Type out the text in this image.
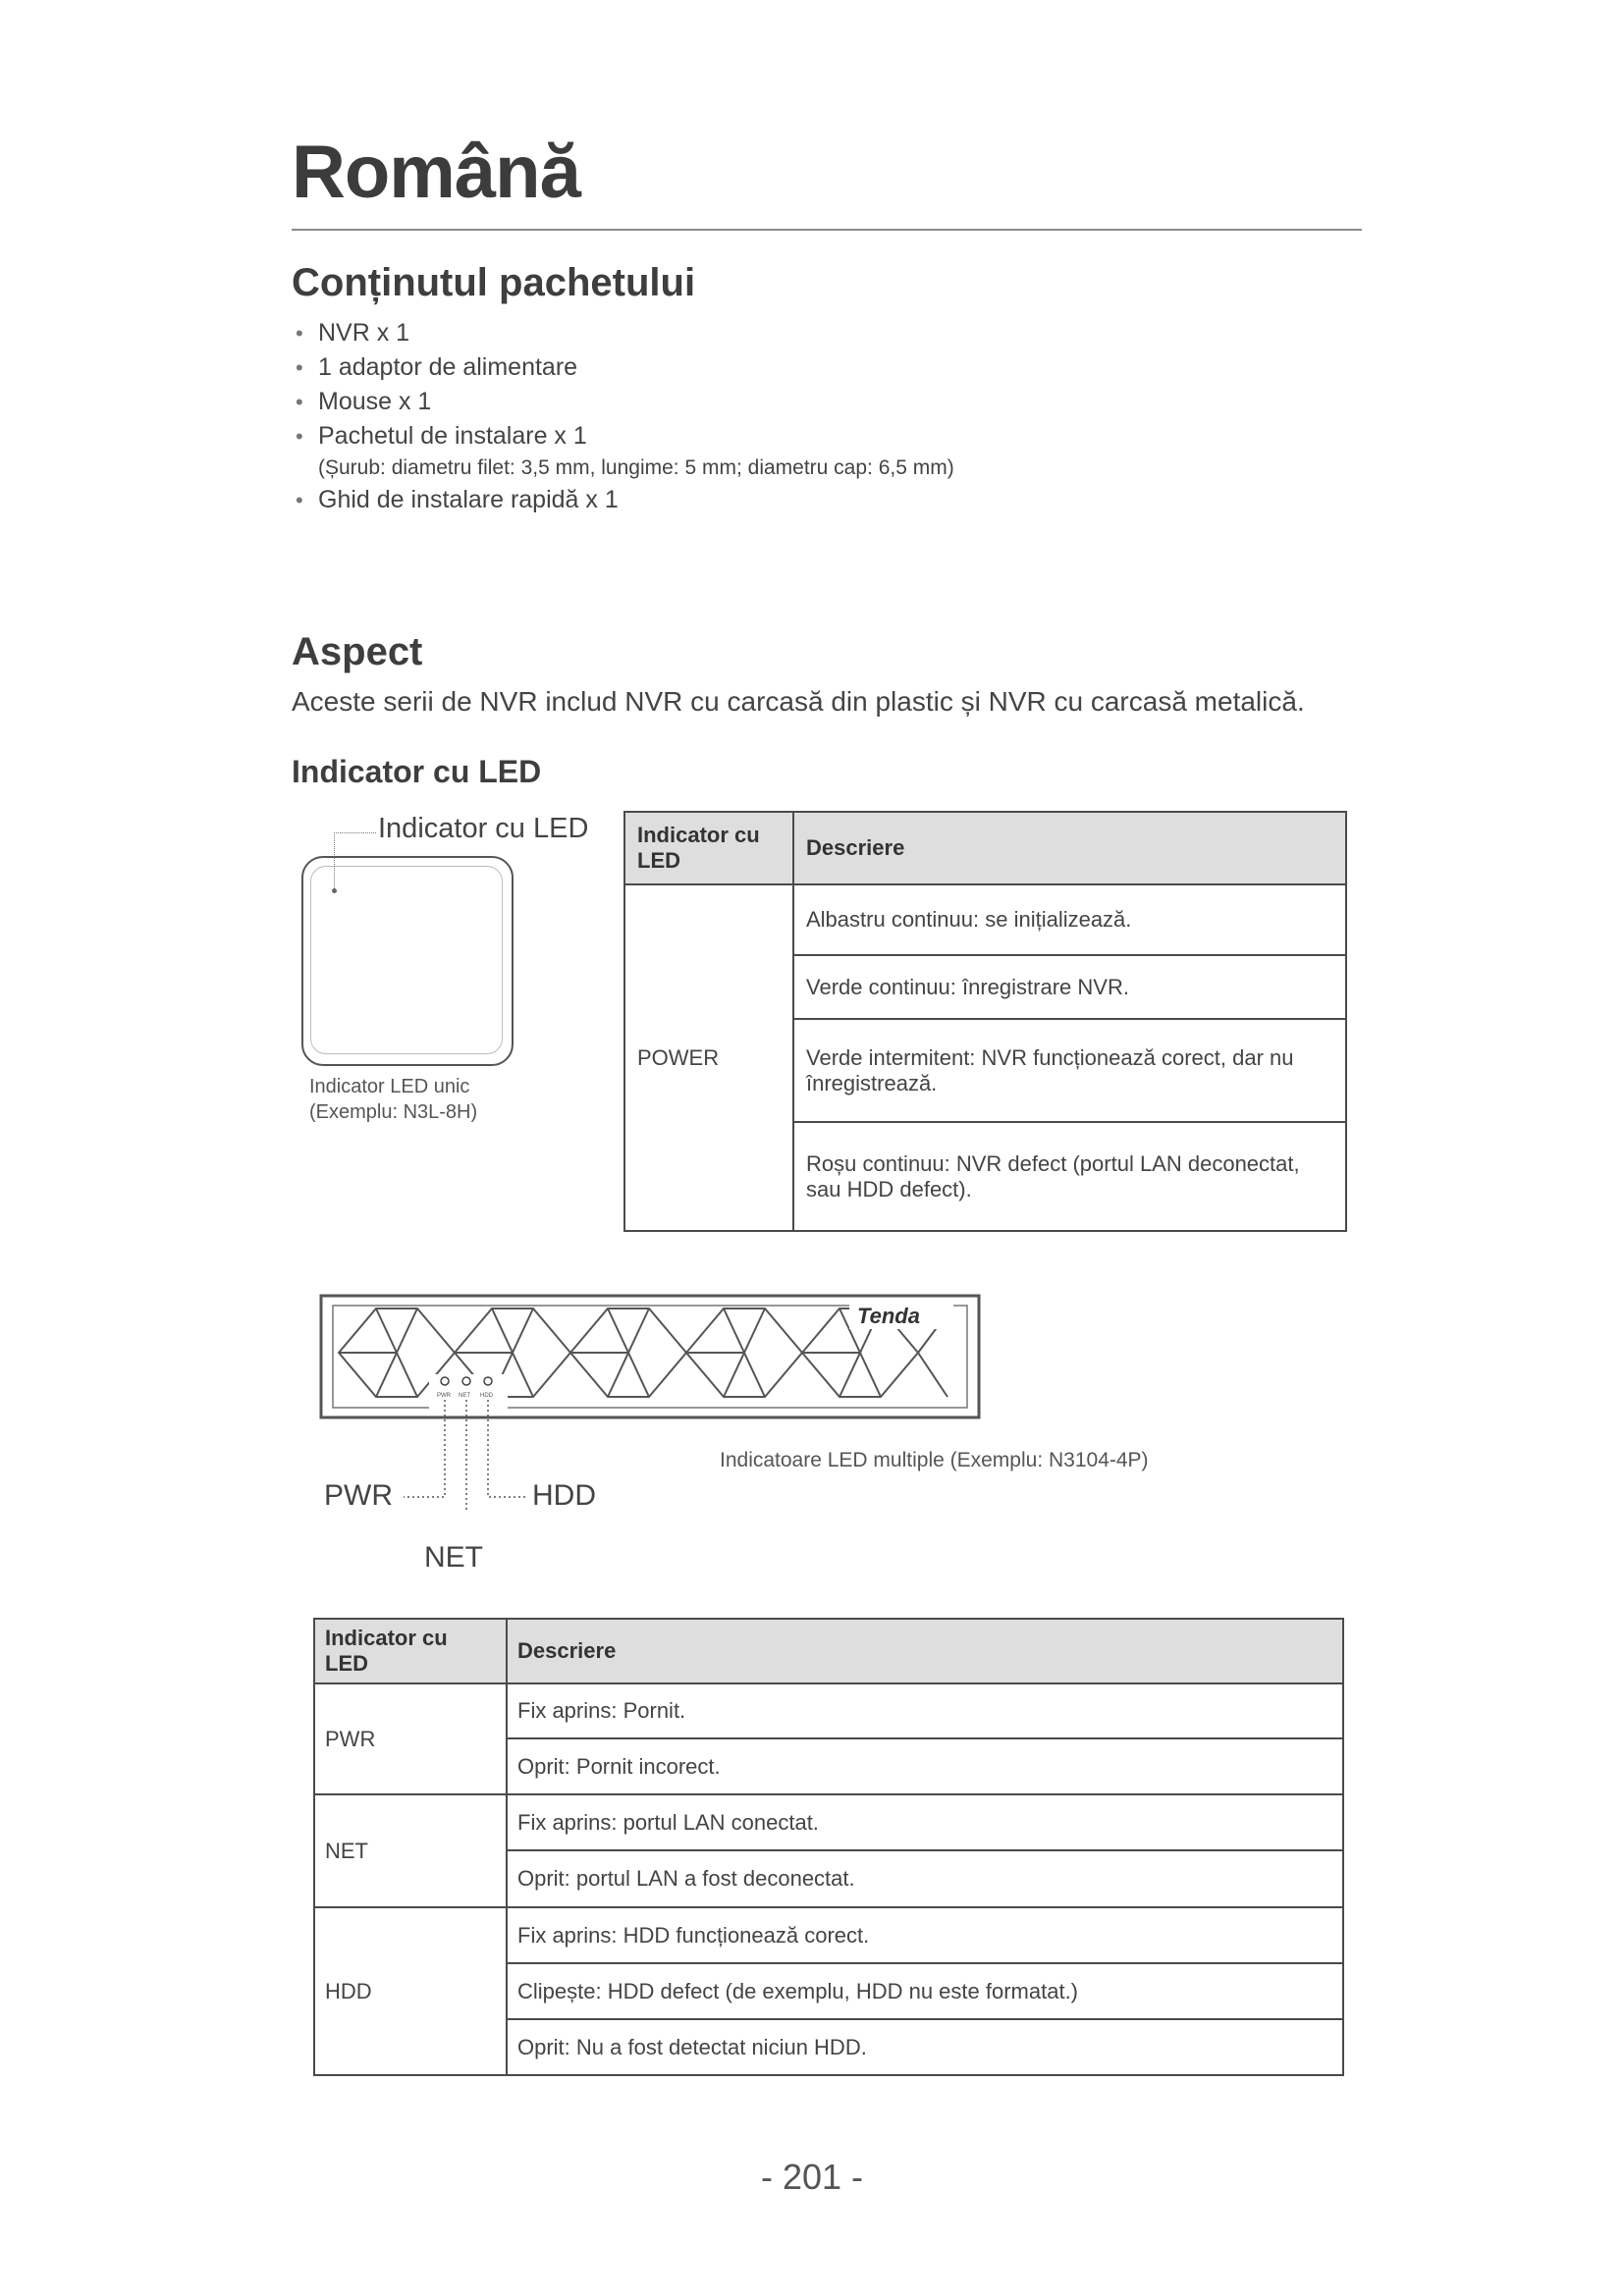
Română
Conținutul pachetului
• NVR x 1
• 1 adaptor de alimentare
• Mouse x 1
• Pachetul de instalare x 1
(Șurub: diametru filet: 3,5 mm, lungime: 5 mm; diametru cap: 6,5 mm)
• Ghid de instalare rapidă x 1
Aspect

Aceste serii de NVR includ NVR cu carcasă din plastic și NVR cu carcasă metalică.

Indicator cu LED
Indicator cu LED
Indicator LED unic
(Exemplu: N3L-8H)
Indicator cu LED	Descriere
POWER	Albastru continuu: se inițializează.
	Verde continuu: înregistrare NVR.
	Verde intermitent: NVR funcționează corect, dar nu înregistrează.
	Roșu continuu: NVR defect (portul LAN deconectat, sau HDD defect).
Tenda
PWR NET HDD
PWR	HDD
NET
Indicatoare LED multiple (Exemplu: N3104-4P)
Indicator cu LED	Descriere
PWR	Fix aprins: Pornit.
	Oprit: Pornit incorect.
NET	Fix aprins: portul LAN conectat.
	Oprit: portul LAN a fost deconectat.
HDD	Fix aprins: HDD funcționează corect.
	Clipește: HDD defect (de exemplu, HDD nu este formatat.)
	Oprit: Nu a fost detectat niciun HDD.
- 201 -
